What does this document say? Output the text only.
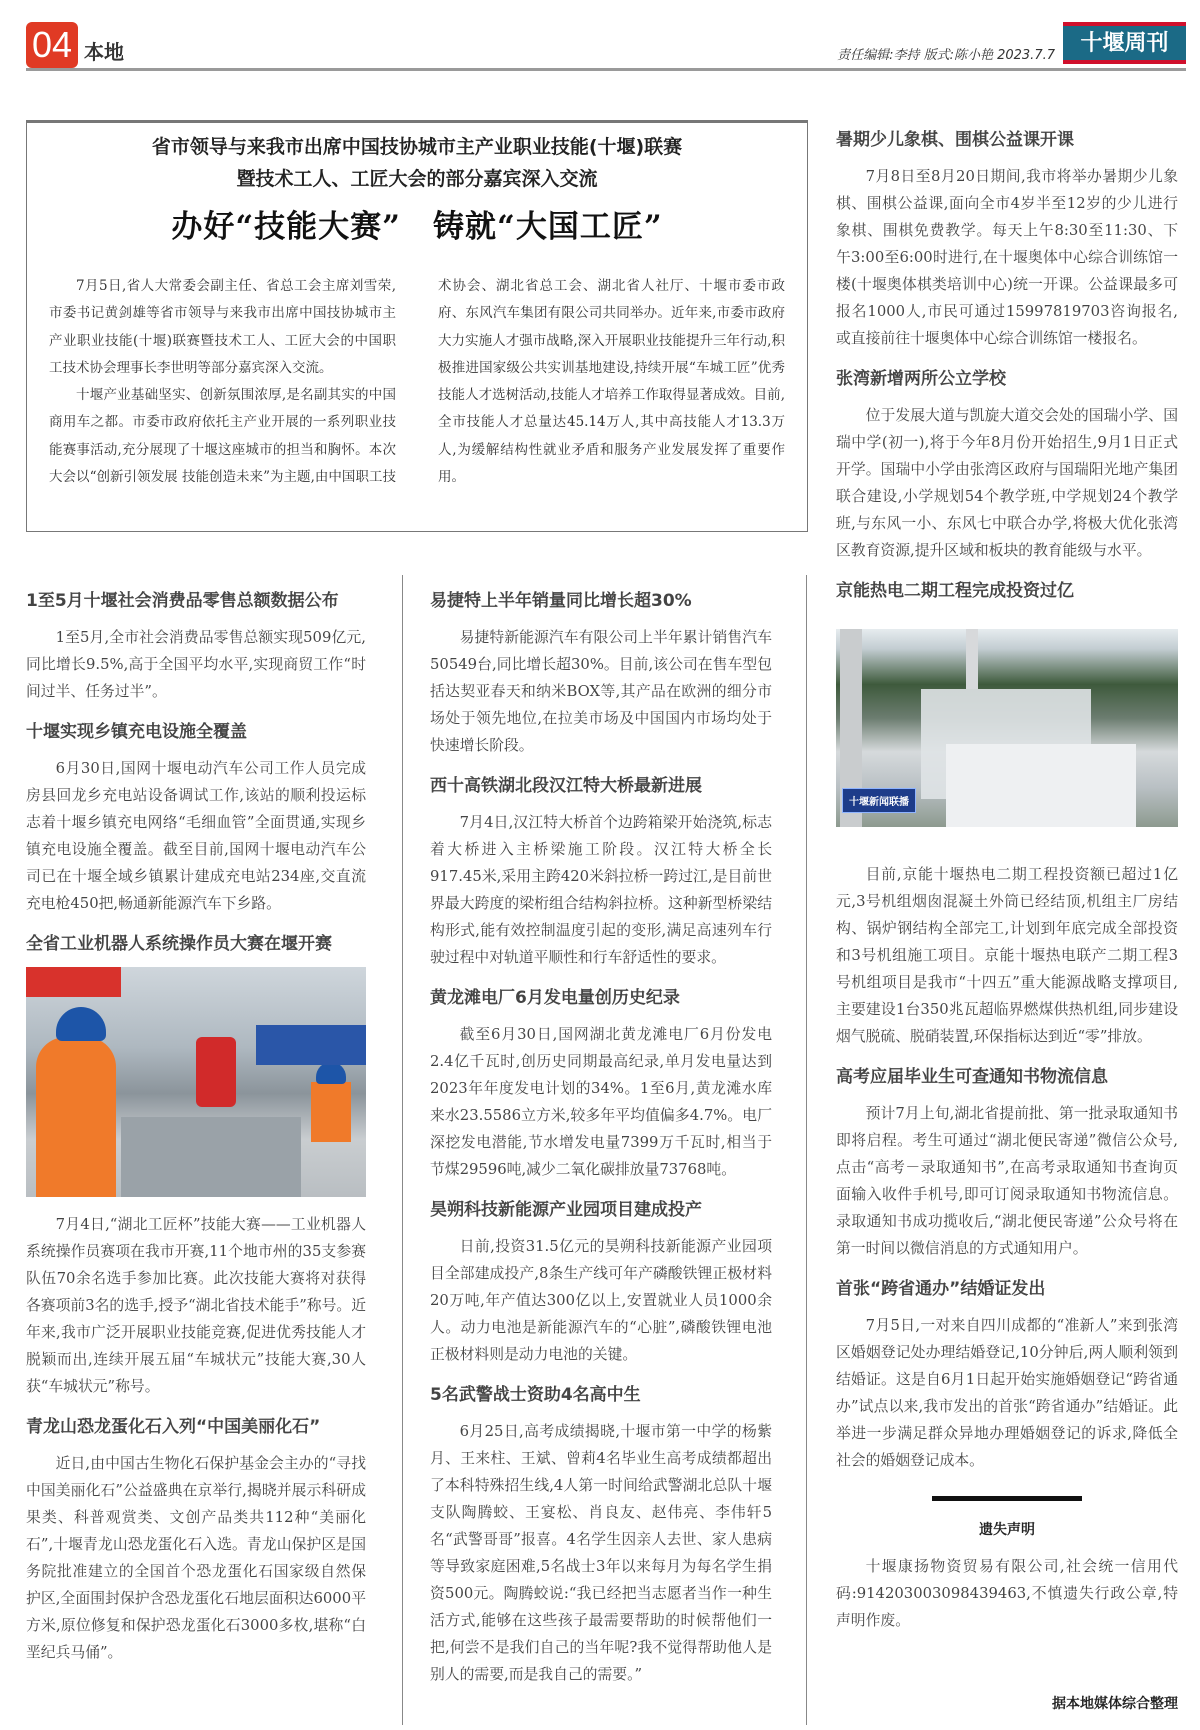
04 本地	责任编辑:李持 版式:陈小艳 2023.7.7	十堰周刊
省市领导与来我市出席中国技协城市主产业职业技能(十堰)联赛
暨技术工人、工匠大会的部分嘉宾深入交流
办好“技能大赛”　铸就“大国工匠”

7月5日,省人大常委会副主任、省总工会主席刘雪荣,市委书记黄剑雄等省市领导与来我市出席中国技协城市主产业职业技能(十堰)联赛暨技术工人、工匠大会的中国职工技术协会理事长李世明等部分嘉宾深入交流。

十堰产业基础坚实、创新氛围浓厚,是名副其实的中国商用车之都。市委市政府依托主产业开展的一系列职业技能赛事活动,充分展现了十堰这座城市的担当和胸怀。本次大会以“创新引领发展 技能创造未来”为主题,由中国职工技术协会、湖北省总工会、湖北省人社厅、十堰市委市政府、东风汽车集团有限公司共同举办。近年来,市委市政府大力实施人才强市战略,深入开展职业技能提升三年行动,积极推进国家级公共实训基地建设,持续开展“车城工匠”优秀技能人才选树活动,技能人才培养工作取得显著成效。目前,全市技能人才总量达45.14万人,其中高技能人才13.3万人,为缓解结构性就业矛盾和服务产业发展发挥了重要作用。

1至5月十堰社会消费品零售总额数据公布

1至5月,全市社会消费品零售总额实现509亿元,同比增长9.5%,高于全国平均水平,实现商贸工作“时间过半、任务过半”。

十堰实现乡镇充电设施全覆盖

6月30日,国网十堰电动汽车公司工作人员完成房县回龙乡充电站设备调试工作,该站的顺利投运标志着十堰乡镇充电网络“毛细血管”全面贯通,实现乡镇充电设施全覆盖。截至目前,国网十堰电动汽车公司已在十堰全域乡镇累计建成充电站234座,交直流充电枪450把,畅通新能源汽车下乡路。

全省工业机器人系统操作员大赛在堰开赛

7月4日,“湖北工匠杯”技能大赛——工业机器人系统操作员赛项在我市开赛,11个地市州的35支参赛队伍70余名选手参加比赛。此次技能大赛将对获得各赛项前3名的选手,授予“湖北省技术能手”称号。近年来,我市广泛开展职业技能竞赛,促进优秀技能人才脱颖而出,连续开展五届“车城状元”技能大赛,30人获“车城状元”称号。

青龙山恐龙蛋化石入列“中国美丽化石”

近日,由中国古生物化石保护基金会主办的“寻找中国美丽化石”公益盛典在京举行,揭晓并展示科研成果类、科普观赏类、文创产品类共112种“美丽化石”,十堰青龙山恐龙蛋化石入选。青龙山保护区是国务院批准建立的全国首个恐龙蛋化石国家级自然保护区,全面围封保护含恐龙蛋化石地层面积达6000平方米,原位修复和保护恐龙蛋化石3000多枚,堪称“白垩纪兵马俑”。

易捷特上半年销量同比增长超30%

易捷特新能源汽车有限公司上半年累计销售汽车50549台,同比增长超30%。目前,该公司在售车型包括达契亚春天和纳米BOX等,其产品在欧洲的细分市场处于领先地位,在拉美市场及中国国内市场均处于快速增长阶段。

西十高铁湖北段汉江特大桥最新进展

7月4日,汉江特大桥首个边跨箱梁开始浇筑,标志着大桥进入主桥梁施工阶段。汉江特大桥全长917.45米,采用主跨420米斜拉桥一跨过江,是目前世界最大跨度的梁桁组合结构斜拉桥。这种新型桥梁结构形式,能有效控制温度引起的变形,满足高速列车行驶过程中对轨道平顺性和行车舒适性的要求。

黄龙滩电厂6月发电量创历史纪录

截至6月30日,国网湖北黄龙滩电厂6月份发电2.4亿千瓦时,创历史同期最高纪录,单月发电量达到2023年年度发电计划的34%。1至6月,黄龙滩水库来水23.5586立方米,较多年平均值偏多4.7%。电厂深挖发电潜能,节水增发电量7399万千瓦时,相当于节煤29596吨,减少二氧化碳排放量73768吨。

昊朔科技新能源产业园项目建成投产

日前,投资31.5亿元的昊朔科技新能源产业园项目全部建成投产,8条生产线可年产磷酸铁锂正极材料20万吨,年产值达300亿以上,安置就业人员1000余人。动力电池是新能源汽车的“心脏”,磷酸铁锂电池正极材料则是动力电池的关键。

5名武警战士资助4名高中生

6月25日,高考成绩揭晓,十堰市第一中学的杨紫月、王来柱、王斌、曾莉4名毕业生高考成绩都超出了本科特殊招生线,4人第一时间给武警湖北总队十堰支队陶腾蛟、王宴松、肖良友、赵伟亮、李伟轩5名“武警哥哥”报喜。4名学生因亲人去世、家人患病等导致家庭困难,5名战士3年以来每月为每名学生捐资500元。陶腾蛟说:“我已经把当志愿者当作一种生活方式,能够在这些孩子最需要帮助的时候帮他们一把,何尝不是我们自己的当年呢?我不觉得帮助他人是别人的需要,而是我自己的需要。”

暑期少儿象棋、围棋公益课开课

7月8日至8月20日期间,我市将举办暑期少儿象棋、围棋公益课,面向全市4岁半至12岁的少儿进行象棋、围棋免费教学。每天上午8:30至11:30、下午3:00至6:00时进行,在十堰奥体中心综合训练馆一楼(十堰奥体棋类培训中心)统一开课。公益课最多可报名1000人,市民可通过15997819703咨询报名,或直接前往十堰奥体中心综合训练馆一楼报名。

张湾新增两所公立学校

位于发展大道与凯旋大道交会处的国瑞小学、国瑞中学(初一),将于今年8月份开始招生,9月1日正式开学。国瑞中小学由张湾区政府与国瑞阳光地产集团联合建设,小学规划54个教学班,中学规划24个教学班,与东风一小、东风七中联合办学,将极大优化张湾区教育资源,提升区域和板块的教育能级与水平。

京能热电二期工程完成投资过亿
十堰新闻联播

目前,京能十堰热电二期工程投资额已超过1亿元,3号机组烟囱混凝土外筒已经结顶,机组主厂房结构、锅炉钢结构全部完工,计划到年底完成全部投资和3号机组施工项目。京能十堰热电联产二期工程3号机组项目是我市“十四五”重大能源战略支撑项目,主要建设1台350兆瓦超临界燃煤供热机组,同步建设烟气脱硫、脱硝装置,环保指标达到近“零”排放。

高考应届毕业生可查通知书物流信息

预计7月上旬,湖北省提前批、第一批录取通知书即将启程。考生可通过“湖北便民寄递”微信公众号,点击“高考－录取通知书”,在高考录取通知书查询页面输入收件手机号,即可订阅录取通知书物流信息。录取通知书成功揽收后,“湖北便民寄递”公众号将在第一时间以微信消息的方式通知用户。

首张“跨省通办”结婚证发出

7月5日,一对来自四川成都的“准新人”来到张湾区婚姻登记处办理结婚登记,10分钟后,两人顺利领到结婚证。这是自6月1日起开始实施婚姻登记“跨省通办”试点以来,我市发出的首张“跨省通办”结婚证。此举进一步满足群众异地办理婚姻登记的诉求,降低全社会的婚姻登记成本。

遗失声明

十堰康扬物资贸易有限公司,社会统一信用代码:91420300309843946​3,不慎遗失行政公章,特声明作废。

据本地媒体综合整理
